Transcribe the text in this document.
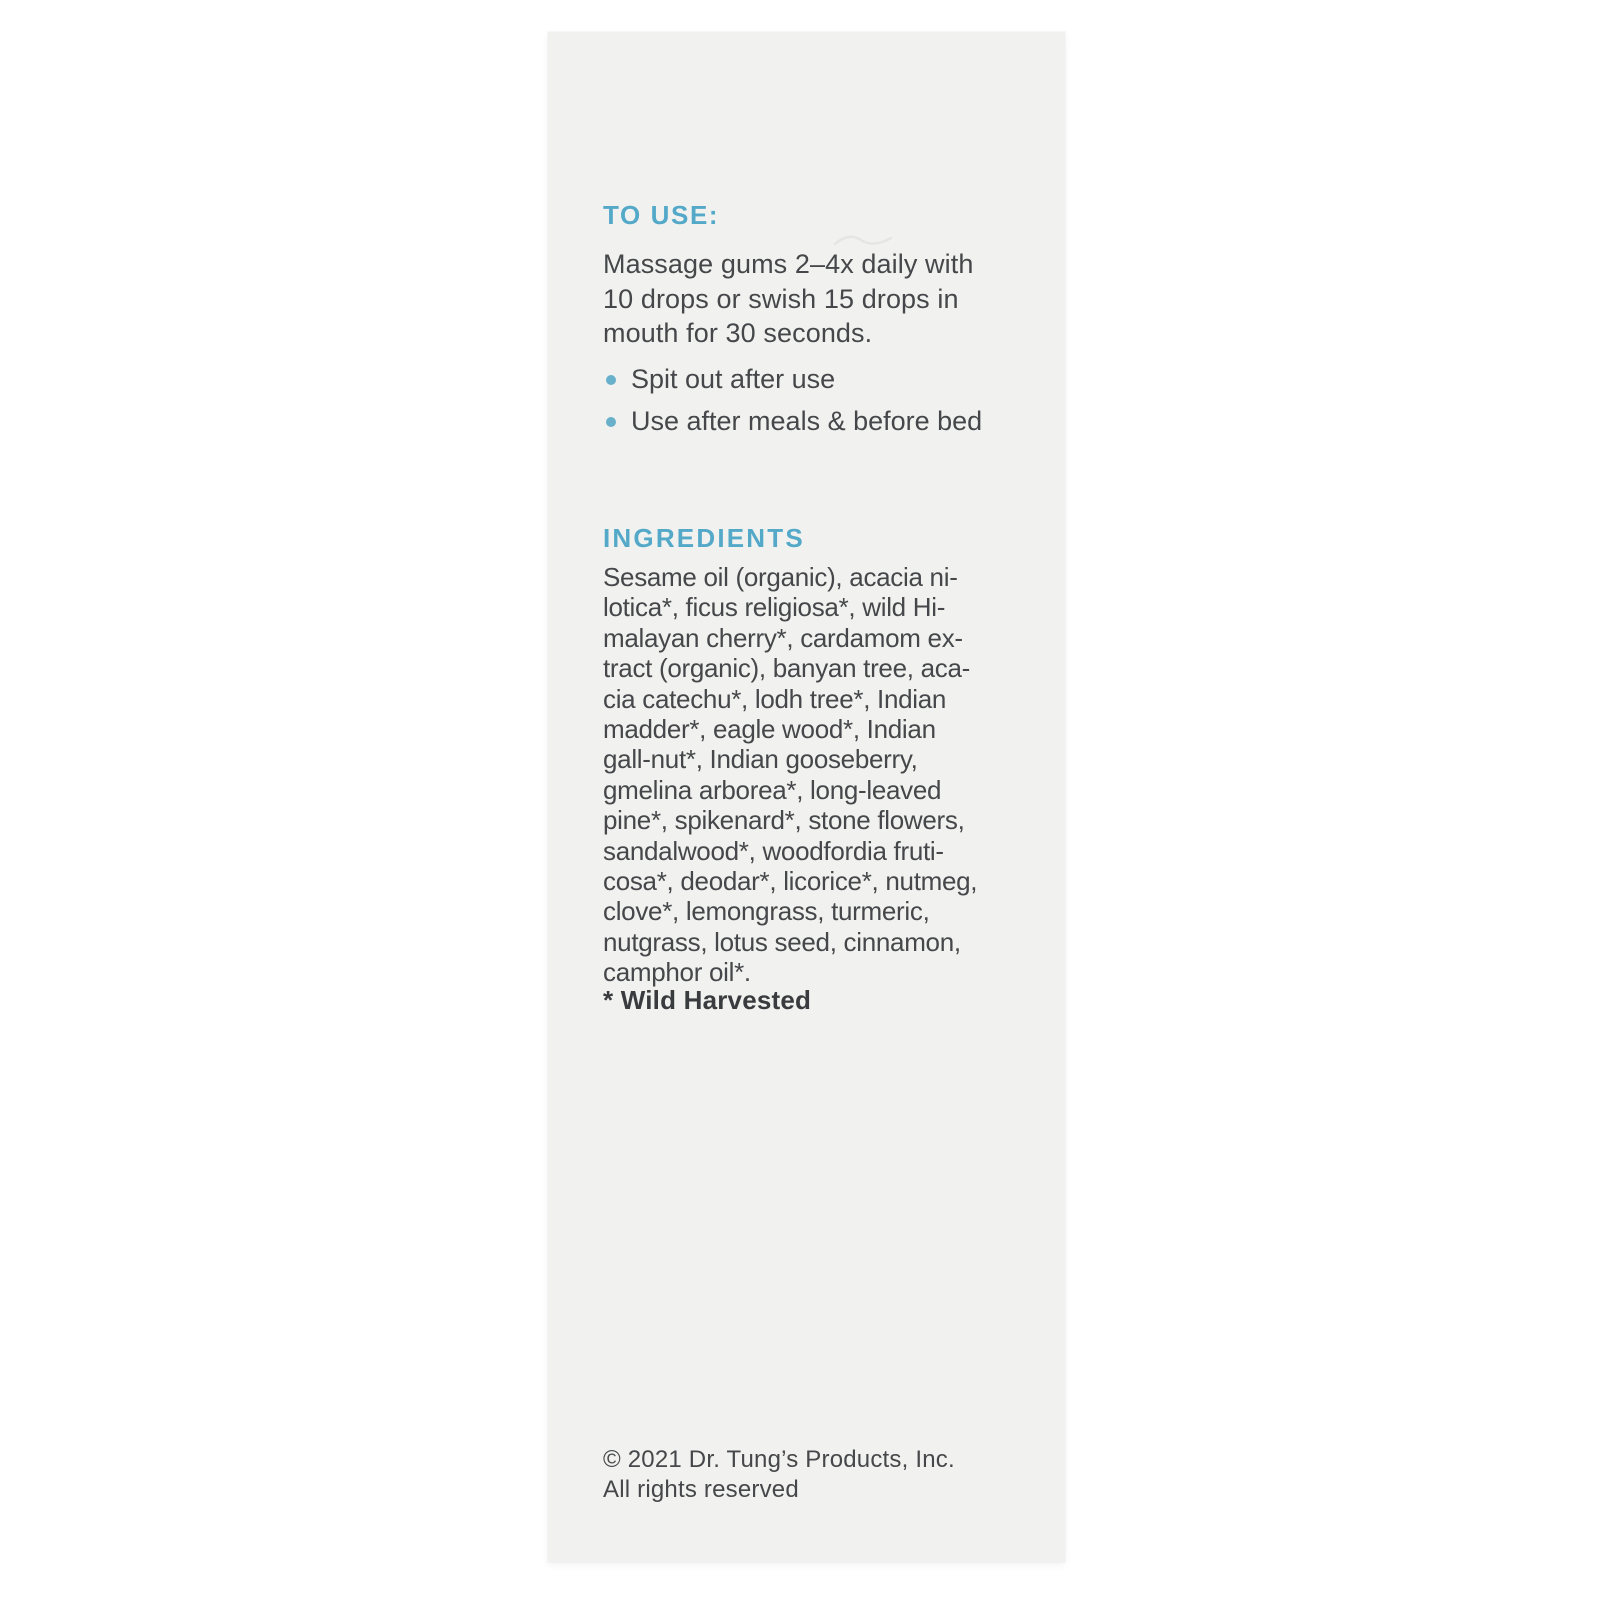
TO USE:
Massage gums 2–4x daily with
10 drops or swish 15 drops in
mouth for 30 seconds.
Spit out after use
Use after meals & before bed
INGREDIENTS
Sesame oil (organic), acacia ni-
lotica*, ficus religiosa*, wild Hi-
malayan cherry*, cardamom ex-
tract (organic), banyan tree, aca-
cia catechu*, lodh tree*, Indian
madder*, eagle wood*, Indian
gall-nut*, Indian gooseberry,
gmelina arborea*, long-leaved
pine*, spikenard*, stone flowers,
sandalwood*, woodfordia fruti-
cosa*, deodar*, licorice*, nutmeg,
clove*, lemongrass, turmeric,
nutgrass, lotus seed, cinnamon,
camphor oil*.
* Wild Harvested
© 2021 Dr. Tung’s Products, Inc.
All rights reserved
